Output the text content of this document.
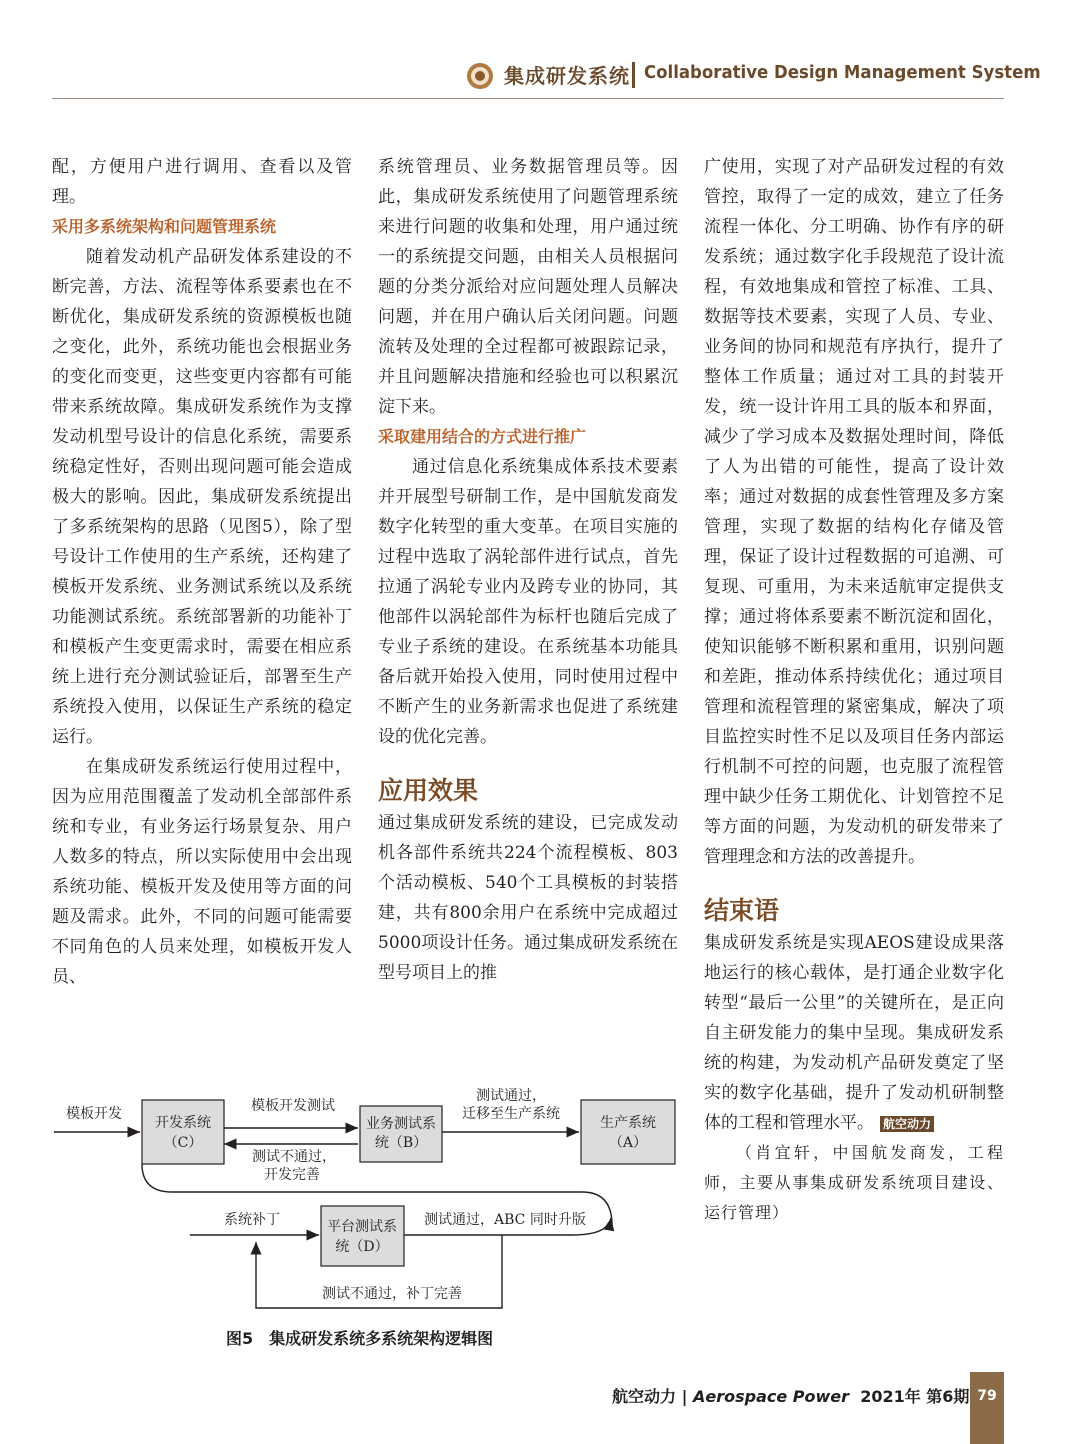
集成研发系统 Collaborative Design Management System

配，方便用户进行调用、查看以及管理。

采用多系统架构和问题管理系统

随着发动机产品研发体系建设的不断完善，方法、流程等体系要素也在不断优化，集成研发系统的资源模板也随之变化，此外，系统功能也会根据业务的变化而变更，这些变更内容都有可能带来系统故障。集成研发系统作为支撑发动机型号设计的信息化系统，需要系统稳定性好，否则出现问题可能会造成极大的影响。因此，集成研发系统提出了多系统架构的思路（见图5），除了型号设计工作使用的生产系统，还构建了模板开发系统、业务测试系统以及系统功能测试系统。系统部署新的功能补丁和模板产生变更需求时，需要在相应系统上进行充分测试验证后，部署至生产系统投入使用，以保证生产系统的稳定运行。

在集成研发系统运行使用过程中，因为应用范围覆盖了发动机全部部件系统和专业，有业务运行场景复杂、用户人数多的特点，所以实际使用中会出现系统功能、模板开发及使用等方面的问题及需求。此外，不同的问题可能需要不同角色的人员来处理，如模板开发人员、

系统管理员、业务数据管理员等。因此，集成研发系统使用了问题管理系统来进行问题的收集和处理，用户通过统一的系统提交问题，由相关人员根据问题的分类分派给对应问题处理人员解决问题，并在用户确认后关闭问题。问题流转及处理的全过程都可被跟踪记录，并且问题解决措施和经验也可以积累沉淀下来。

采取建用结合的方式进行推广

通过信息化系统集成体系技术要素并开展型号研制工作，是中国航发商发数字化转型的重大变革。在项目实施的过程中选取了涡轮部件进行试点，首先拉通了涡轮专业内及跨专业的协同，其他部件以涡轮部件为标杆也随后完成了专业子系统的建设。在系统基本功能具备后就开始投入使用，同时使用过程中不断产生的业务新需求也促进了系统建设的优化完善。

应用效果

通过集成研发系统的建设，已完成发动机各部件系统共224个流程模板、803个活动模板、540个工具模板的封装搭建，共有800余用户在系统中完成超过5000项设计任务。通过集成研发系统在型号项目上的推

广使用，实现了对产品研发过程的有效管控，取得了一定的成效，建立了任务流程一体化、分工明确、协作有序的研发系统；通过数字化手段规范了设计流程，有效地集成和管控了标准、工具、数据等技术要素，实现了人员、专业、业务间的协同和规范有序执行，提升了整体工作质量；通过对工具的封装开发，统一设计许用工具的版本和界面，减少了学习成本及数据处理时间，降低了人为出错的可能性，提高了设计效率；通过对数据的成套性管理及多方案管理，实现了数据的结构化存储及管理，保证了设计过程数据的可追溯、可复现、可重用，为未来适航审定提供支撑；通过将体系要素不断沉淀和固化，使知识能够不断积累和重用，识别问题和差距，推动体系持续优化；通过项目管理和流程管理的紧密集成，解决了项目监控实时性不足以及项目任务内部运行机制不可控的问题，也克服了流程管理中缺少任务工期优化、计划管控不足等方面的问题，为发动机的研发带来了管理理念和方法的改善提升。

结束语

集成研发系统是实现AEOS建设成果落地运行的核心载体，是打通企业数字化转型“最后一公里”的关键所在，是正向自主研发能力的集中呈现。集成研发系统的构建，为发动机产品研发奠定了坚实的数字化基础，提升了发动机研制整体的工程和管理水平。 航空动力

（肖宜轩，中国航发商发，工程师，主要从事集成研发系统项目建设、运行管理）

开发系统
（C）
业务测试系
统（B）
生产系统
（A）
平台测试系
统（D）
模板开发	模板开发测试
测试不通过，
开发完善
测试通过，
迁移至生产系统
系统补丁	测试通过，ABC 同时升版
测试不通过，补丁完善
图5　集成研发系统多系统架构逻辑图
航空动力 | Aerospace Power 2021年 第6期 79
